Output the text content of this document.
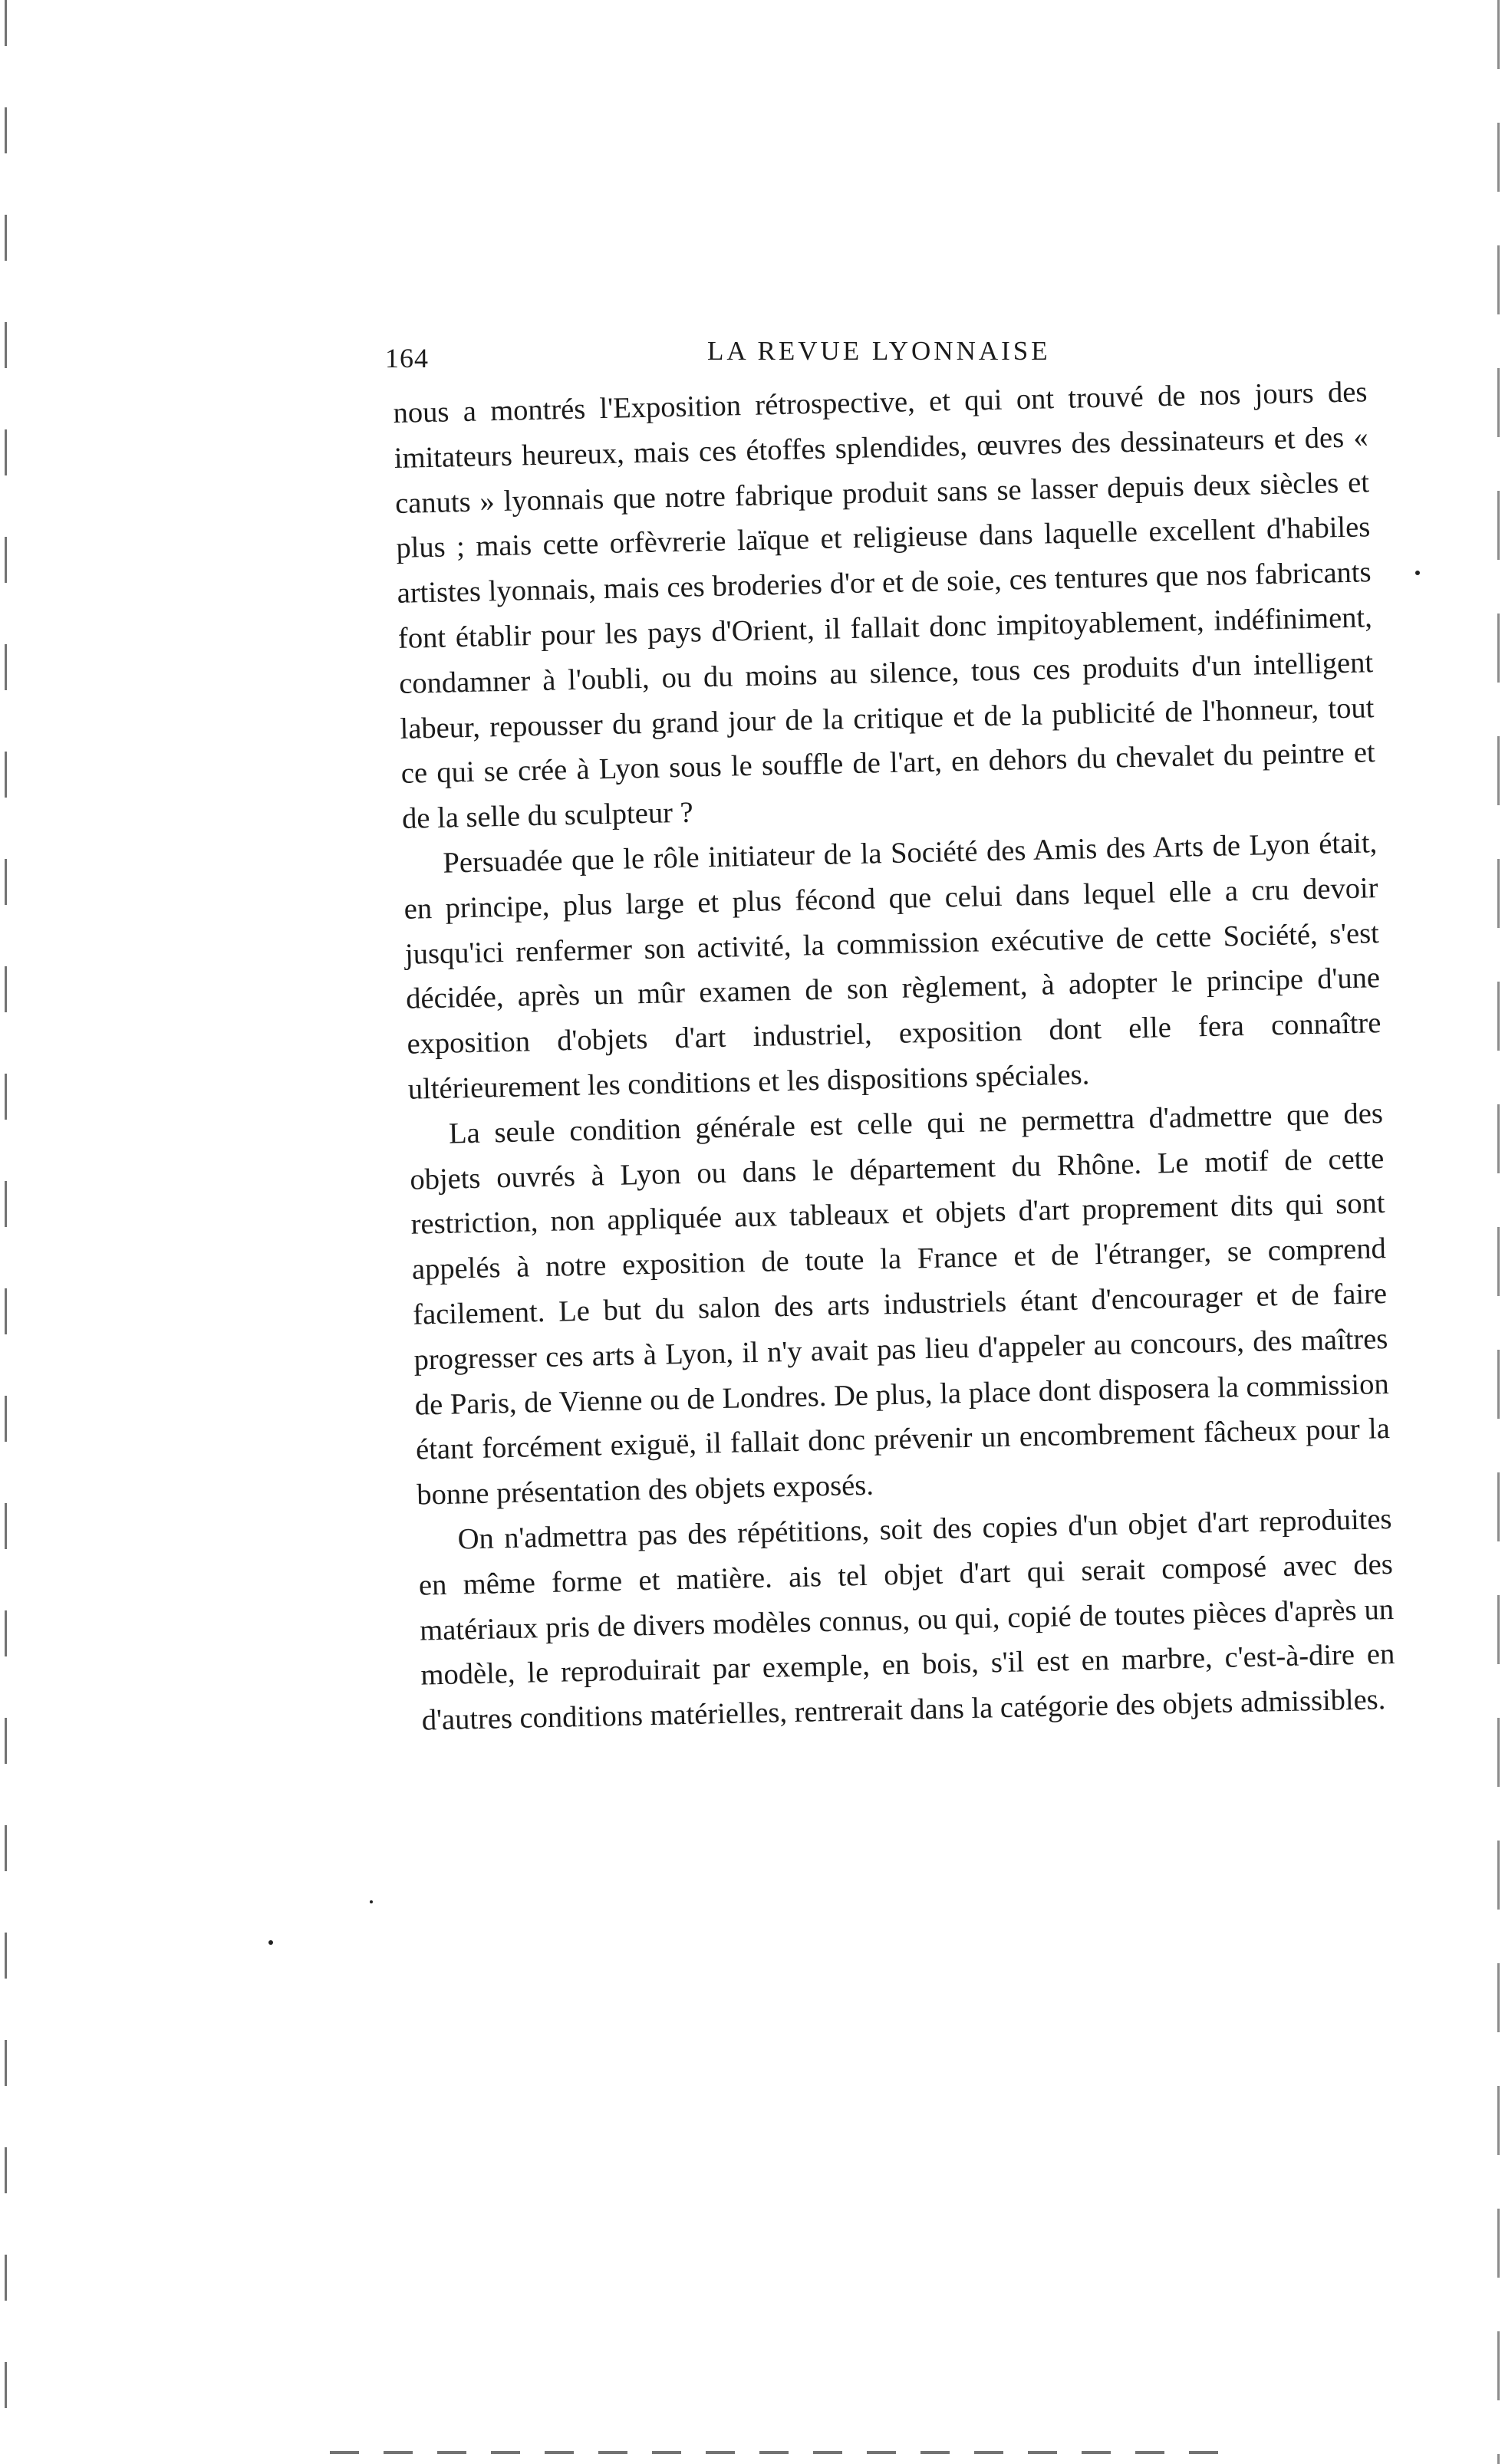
164	LA REVUE LYONNAISE

nous a montrés l'Exposition rétrospective, et qui ont trouvé de nos jours des imitateurs heureux, mais ces étoffes splendides, œuvres des dessinateurs et des « canuts » lyonnais que notre fabrique produit sans se lasser depuis deux siècles et plus ; mais cette orfèvrerie laïque et religieuse dans laquelle excellent d'habiles artistes lyonnais, mais ces broderies d'or et de soie, ces tentures que nos fabricants font établir pour les pays d'Orient, il fallait donc impitoyablement, indéfiniment, condamner à l'oubli, ou du moins au silence, tous ces produits d'un intelligent labeur, repousser du grand jour de la critique et de la publicité de l'honneur, tout ce qui se crée à Lyon sous le souffle de l'art, en dehors du chevalet du peintre et de la selle du sculpteur ?

Persuadée que le rôle initiateur de la Société des Amis des Arts de Lyon était, en principe, plus large et plus fécond que celui dans lequel elle a cru devoir jusqu'ici renfermer son activité, la commission exécutive de cette Société, s'est décidée, après un mûr examen de son règlement, à adopter le principe d'une exposition d'objets d'art industriel, exposition dont elle fera connaître ultérieurement les conditions et les dispositions spéciales.

La seule condition générale est celle qui ne permettra d'admettre que des objets ouvrés à Lyon ou dans le département du Rhône. Le motif de cette restriction, non appliquée aux tableaux et objets d'art proprement dits qui sont appelés à notre exposition de toute la France et de l'étranger, se comprend facilement. Le but du salon des arts industriels étant d'encourager et de faire progresser ces arts à Lyon, il n'y avait pas lieu d'appeler au concours, des maîtres de Paris, de Vienne ou de Londres. De plus, la place dont disposera la commission étant forcément exiguë, il fallait donc prévenir un encombrement fâcheux pour la bonne présentation des objets exposés.

On n'admettra pas des répétitions, soit des copies d'un objet d'art reproduites en même forme et matière. ais tel objet d'art qui serait composé avec des matériaux pris de divers modèles connus, ou qui, copié de toutes pièces d'après un modèle, le reproduirait par exemple, en bois, s'il est en marbre, c'est-à-dire en d'autres conditions matérielles, rentrerait dans la catégorie des objets admissibles.
